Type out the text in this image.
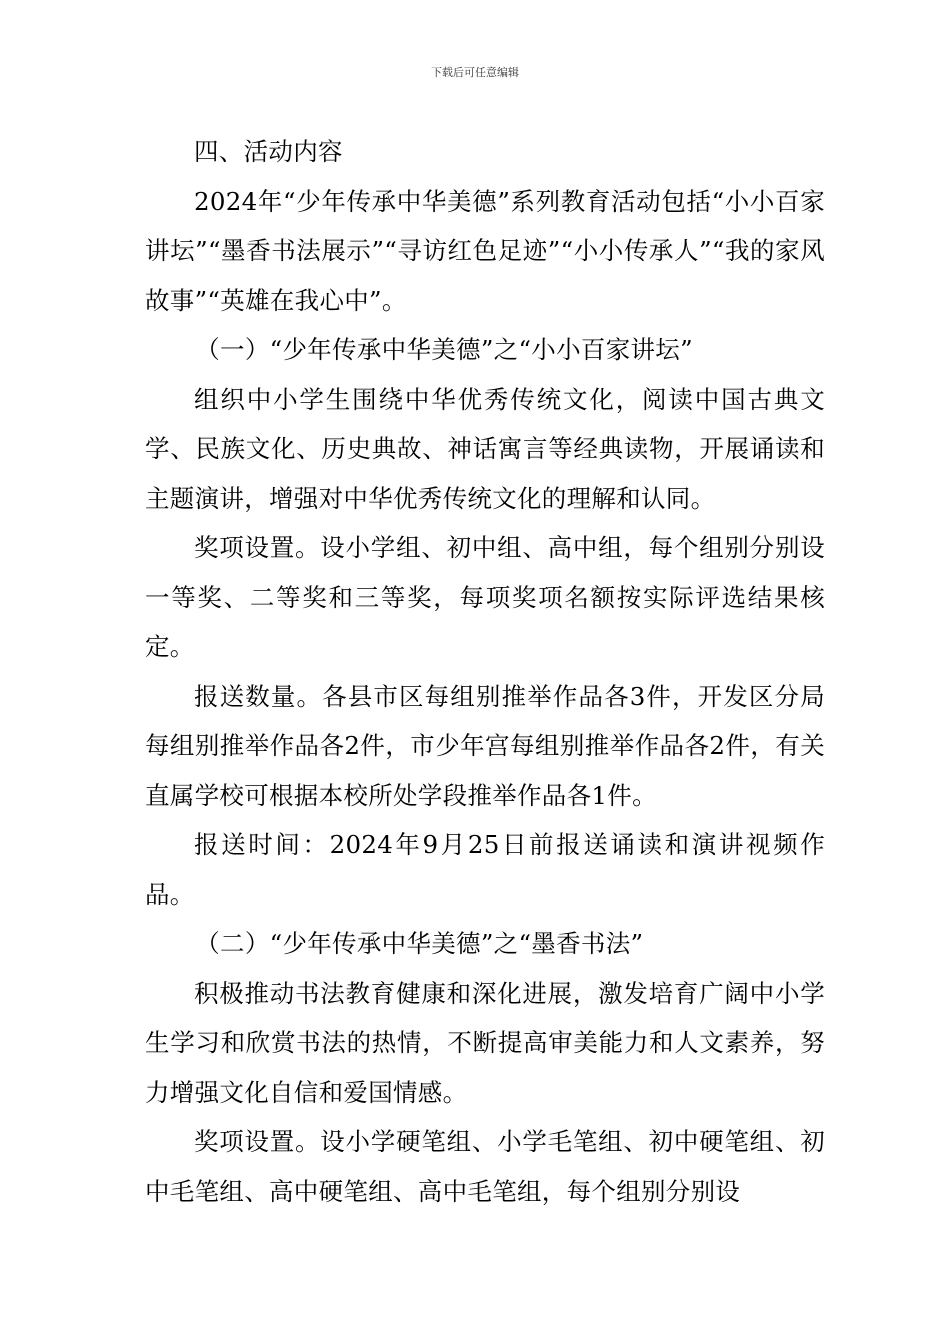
下载后可任意编辑

四、活动内容

2024年“少年传承中华美德”系列教育活动包括“小小百家讲坛”“墨香书法展示”“寻访红色足迹”“小小传承人”“我的家风故事”“英雄在我心中”。

（一）“少年传承中华美德”之“小小百家讲坛”

组织中小学生围绕中华优秀传统文化，阅读中国古典文学、民族文化、历史典故、神话寓言等经典读物，开展诵读和主题演讲，增强对中华优秀传统文化的理解和认同。

奖项设置。设小学组、初中组、高中组，每个组别分别设一等奖、二等奖和三等奖，每项奖项名额按实际评选结果核定。

报送数量。各县市区每组别推举作品各3件，开发区分局每组别推举作品各2件，市少年宫每组别推举作品各2件，有关直属学校可根据本校所处学段推举作品各1件。

报送时间：2024年9月25日前报送诵读和演讲视频作品。

（二）“少年传承中华美德”之“墨香书法”

积极推动书法教育健康和深化进展，激发培育广阔中小学生学习和欣赏书法的热情，不断提高审美能力和人文素养，努力增强文化自信和爱国情感。

奖项设置。设小学硬笔组、小学毛笔组、初中硬笔组、初中毛笔组、高中硬笔组、高中毛笔组，每个组别分别设
